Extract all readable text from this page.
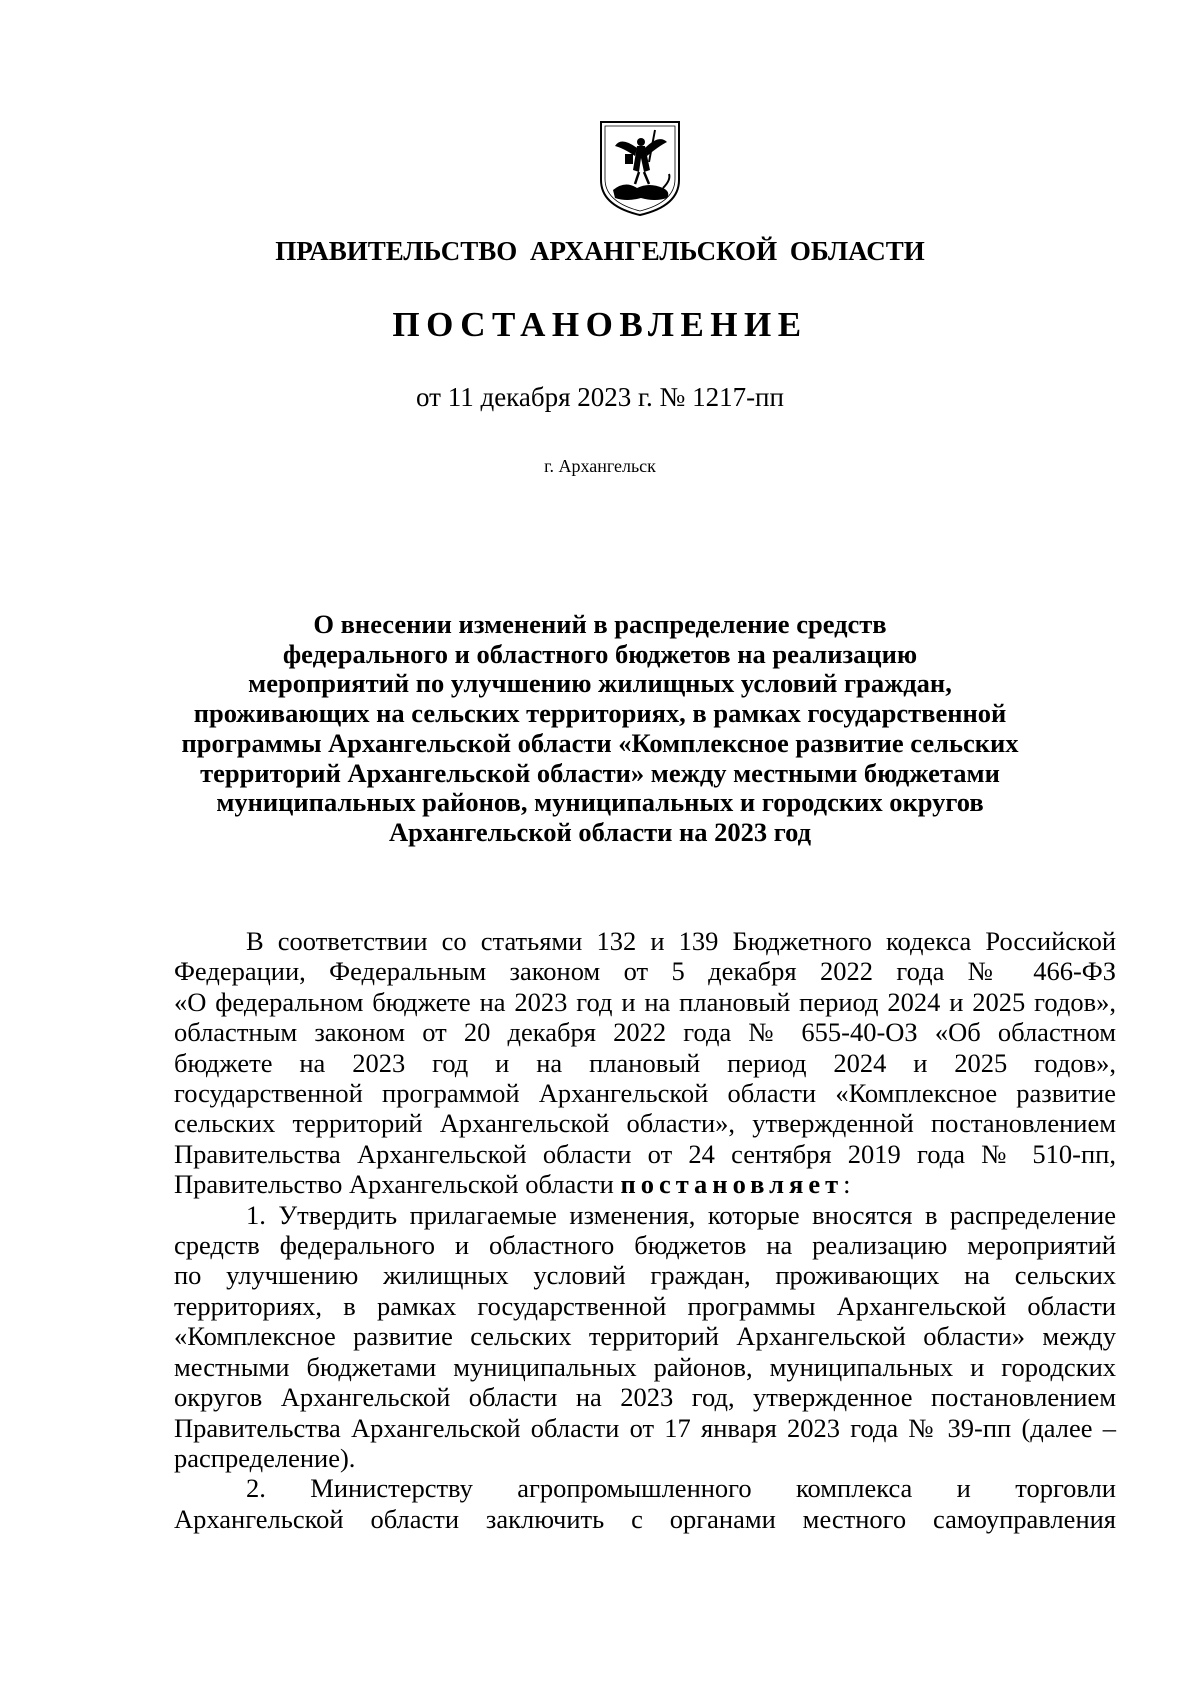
ПРАВИТЕЛЬСТВО АРХАНГЕЛЬСКОЙ ОБЛАСТИ
ПОСТАНОВЛЕНИЕ
от 11 декабря 2023 г. № 1217-пп
г. Архангельск
О внесении изменений в распределение средств
федерального и областного бюджетов на реализацию
мероприятий по улучшению жилищных условий граждан,
проживающих на сельских территориях, в рамках государственной
программы Архангельской области «Комплексное развитие сельских
территорий Архангельской области» между местными бюджетами
муниципальных районов, муниципальных и городских округов
Архангельской области на 2023 год
В соответствии со статьями 132 и 139 Бюджетного кодекса Российской
Федерации, Федеральным законом от 5 декабря 2022 года № 466-ФЗ
«О федеральном бюджете на 2023 год и на плановый период 2024 и 2025 годов»,
областным законом от 20 декабря 2022 года № 655-40-ОЗ «Об областном
бюджете на 2023 год и на плановый период 2024 и 2025 годов»,
государственной программой Архангельской области «Комплексное развитие
сельских территорий Архангельской области», утвержденной постановлением
Правительства Архангельской области от 24 сентября 2019 года № 510-пп,
Правительство Архангельской области постановляет:
1. Утвердить прилагаемые изменения, которые вносятся в распределение
средств федерального и областного бюджетов на реализацию мероприятий
по улучшению жилищных условий граждан, проживающих на сельских
территориях, в рамках государственной программы Архангельской области
«Комплексное развитие сельских территорий Архангельской области» между
местными бюджетами муниципальных районов, муниципальных и городских
округов Архангельской области на 2023 год, утвержденное постановлением
Правительства Архангельской области от 17 января 2023 года № 39-пп (далее –
распределение).
2. Министерству агропромышленного комплекса и торговли
Архангельской области заключить с органами местного самоуправления
